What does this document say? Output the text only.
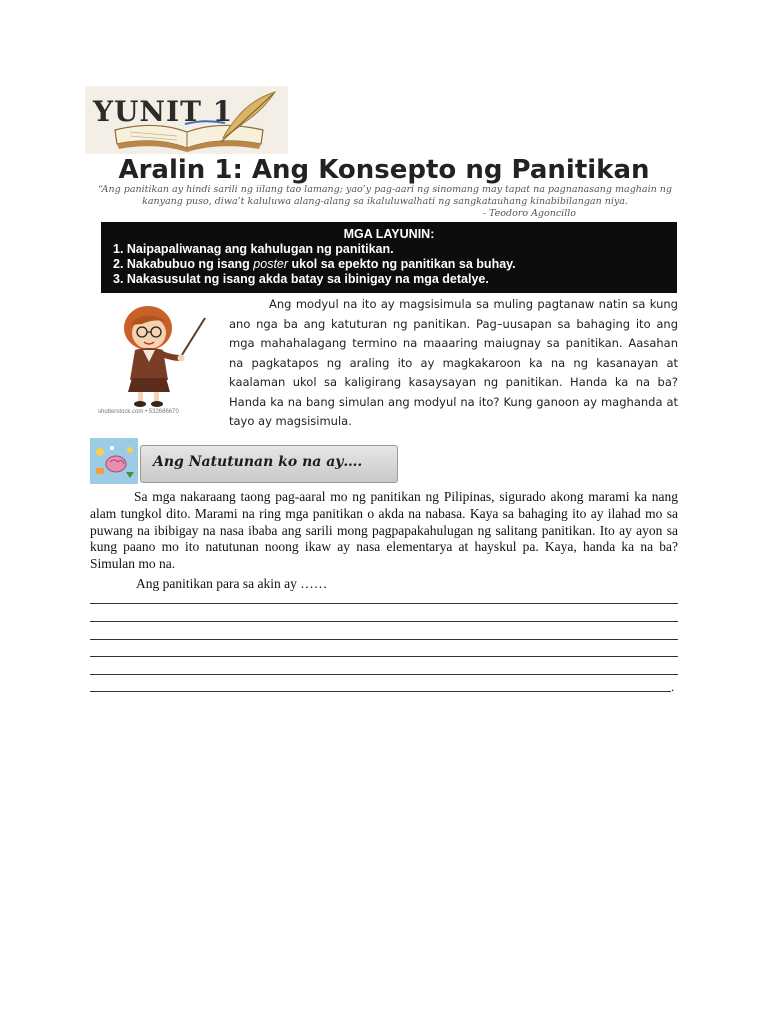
YUNIT 1
Aralin 1: Ang Konsepto ng Panitikan
“Ang panitikan ay hindi sarili ng iilang tao lamang; yao’y pag-aari ng sinomang may tapat na pagnanasang maghain ng kanyang puso, diwa’t kaluluwa alang-alang sa ikaluluwalhati ng sangkatauhang kinabibilangan niya.
- Teodoro Agoncillo
MGA LAYUNIN:
1. Naipapaliwanag ang kahulugan ng panitikan.
2. Nakabubuo ng isang poster ukol sa epekto ng panitikan sa buhay.
3. Nakasusulat ng isang akda batay sa ibinigay na mga detalye.
shutterstock.com • 532686670
Ang modyul na ito ay magsisimula sa muling pagtanaw natin sa kung ano nga ba ang katuturan ng panitikan. Pag–uusapan sa bahaging ito ang mga mahahalagang termino na maaaring maiugnay sa panitikan. Aasahan na pagkatapos ng araling ito ay magkakaroon ka na ng kasanayan at kaalaman ukol sa kaligirang kasaysayan ng panitikan. Handa ka na ba? Handa ka na bang simulan ang modyul na ito? Kung ganoon ay maghanda at tayo ay magsisimula.
Ang Natutunan ko na ay….
Sa mga nakaraang taong pag-aaral mo ng panitikan ng Pilipinas, sigurado akong marami ka nang alam tungkol dito. Marami na ring mga panitikan o akda na nabasa. Kaya sa bahaging ito ay ilahad mo sa puwang na ibibigay na nasa ibaba ang sarili mong pagpapakahulugan ng salitang panitikan. Ito ay ayon sa kung paano mo ito natutunan noong ikaw ay nasa elementarya at hayskul pa. Kaya, handa ka na ba? Simulan mo na.
Ang panitikan para sa akin ay ……
.
